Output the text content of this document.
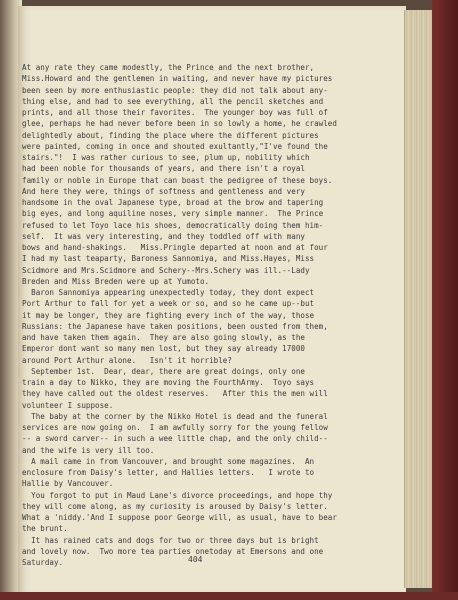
At any rate they came modestly, the Prince and the next brother,
Miss.Howard and the gentlemen in waiting, and never have my pictures
been seen by more enthusiastic people: they did not talk about any-
thing else, and had to see everything, all the pencil sketches and
prints, and all those their favorites.  The younger boy was full of
glee, perhaps he had never before been in so lowly a home, he crawled
delightedly about, finding the place where the different pictures
were painted, coming in once and shouted exultantly,"I've found the
stairs."!  I was rather curious to see, plum up, nobility which
had been noble for thousands of years, and there isn't a royal
family or noble in Europe that can boast the pedigree of these boys.
And here they were, things of softness and gentleness and very
handsome in the oval Japanese type, broad at the brow and tapering
big eyes, and long aquiline noses, very simple manner.  The Prince
refused to let Toyo lace his shoes, democratically doing them him-
self.  It was very interesting, and they toddled off with many
bows and hand-shakings.   Miss.Pringle departed at noon and at four
I had my last teaparty, Baroness Sannomiya, and Miss.Hayes, Miss
Scidmore and Mrs.Scidmore and Schery--Mrs.Schery was ill.--Lady
Breden and Miss Breden were up at Yumoto.
Baron Sannomiya appearing unexpectedly today, they dont expect
Port Arthur to fall for yet a week or so, and so he came up--but
it may be longer, they are fighting every inch of the way, those
Russians: the Japanese have taken positions, been ousted from them,
and have taken them again.  They are also going slowly, as the
Emperor dont want so many men lost, but they say already 17000
around Port Arthur alone.   Isn't it horrible?
September 1st.  Dear, dear, there are great doings, only one
train a day to Nikko, they are moving the FourthArmy.  Toyo says
they have called out the oldest reserves.   After this the men will
volunteer I suppose.
The baby at the corner by the Nikko Hotel is dead and the funeral
services are now going on.  I am awfully sorry for the young fellow
-- a sword carver-- in such a wee little chap, and the only child--
and the wife is very ill too.
A mail came in from Vancouver, and brought some magazines.  An
enclosure from Daisy's letter, and Hallies letters.   I wrote to
Hallie by Vancouver.
You forgot to put in Maud Lane's divorce proceedings, and hope thy
they will come along, as my curiosity is aroused by Daisy's letter.
What a 'niddy.'And I suppose poor George will, as usual, have to bear
the brunt.
It has rained cats and dogs for two or three days but is bright
and lovely now.  Two more tea parties onetoday at Emersons and one
Saturday.	404
